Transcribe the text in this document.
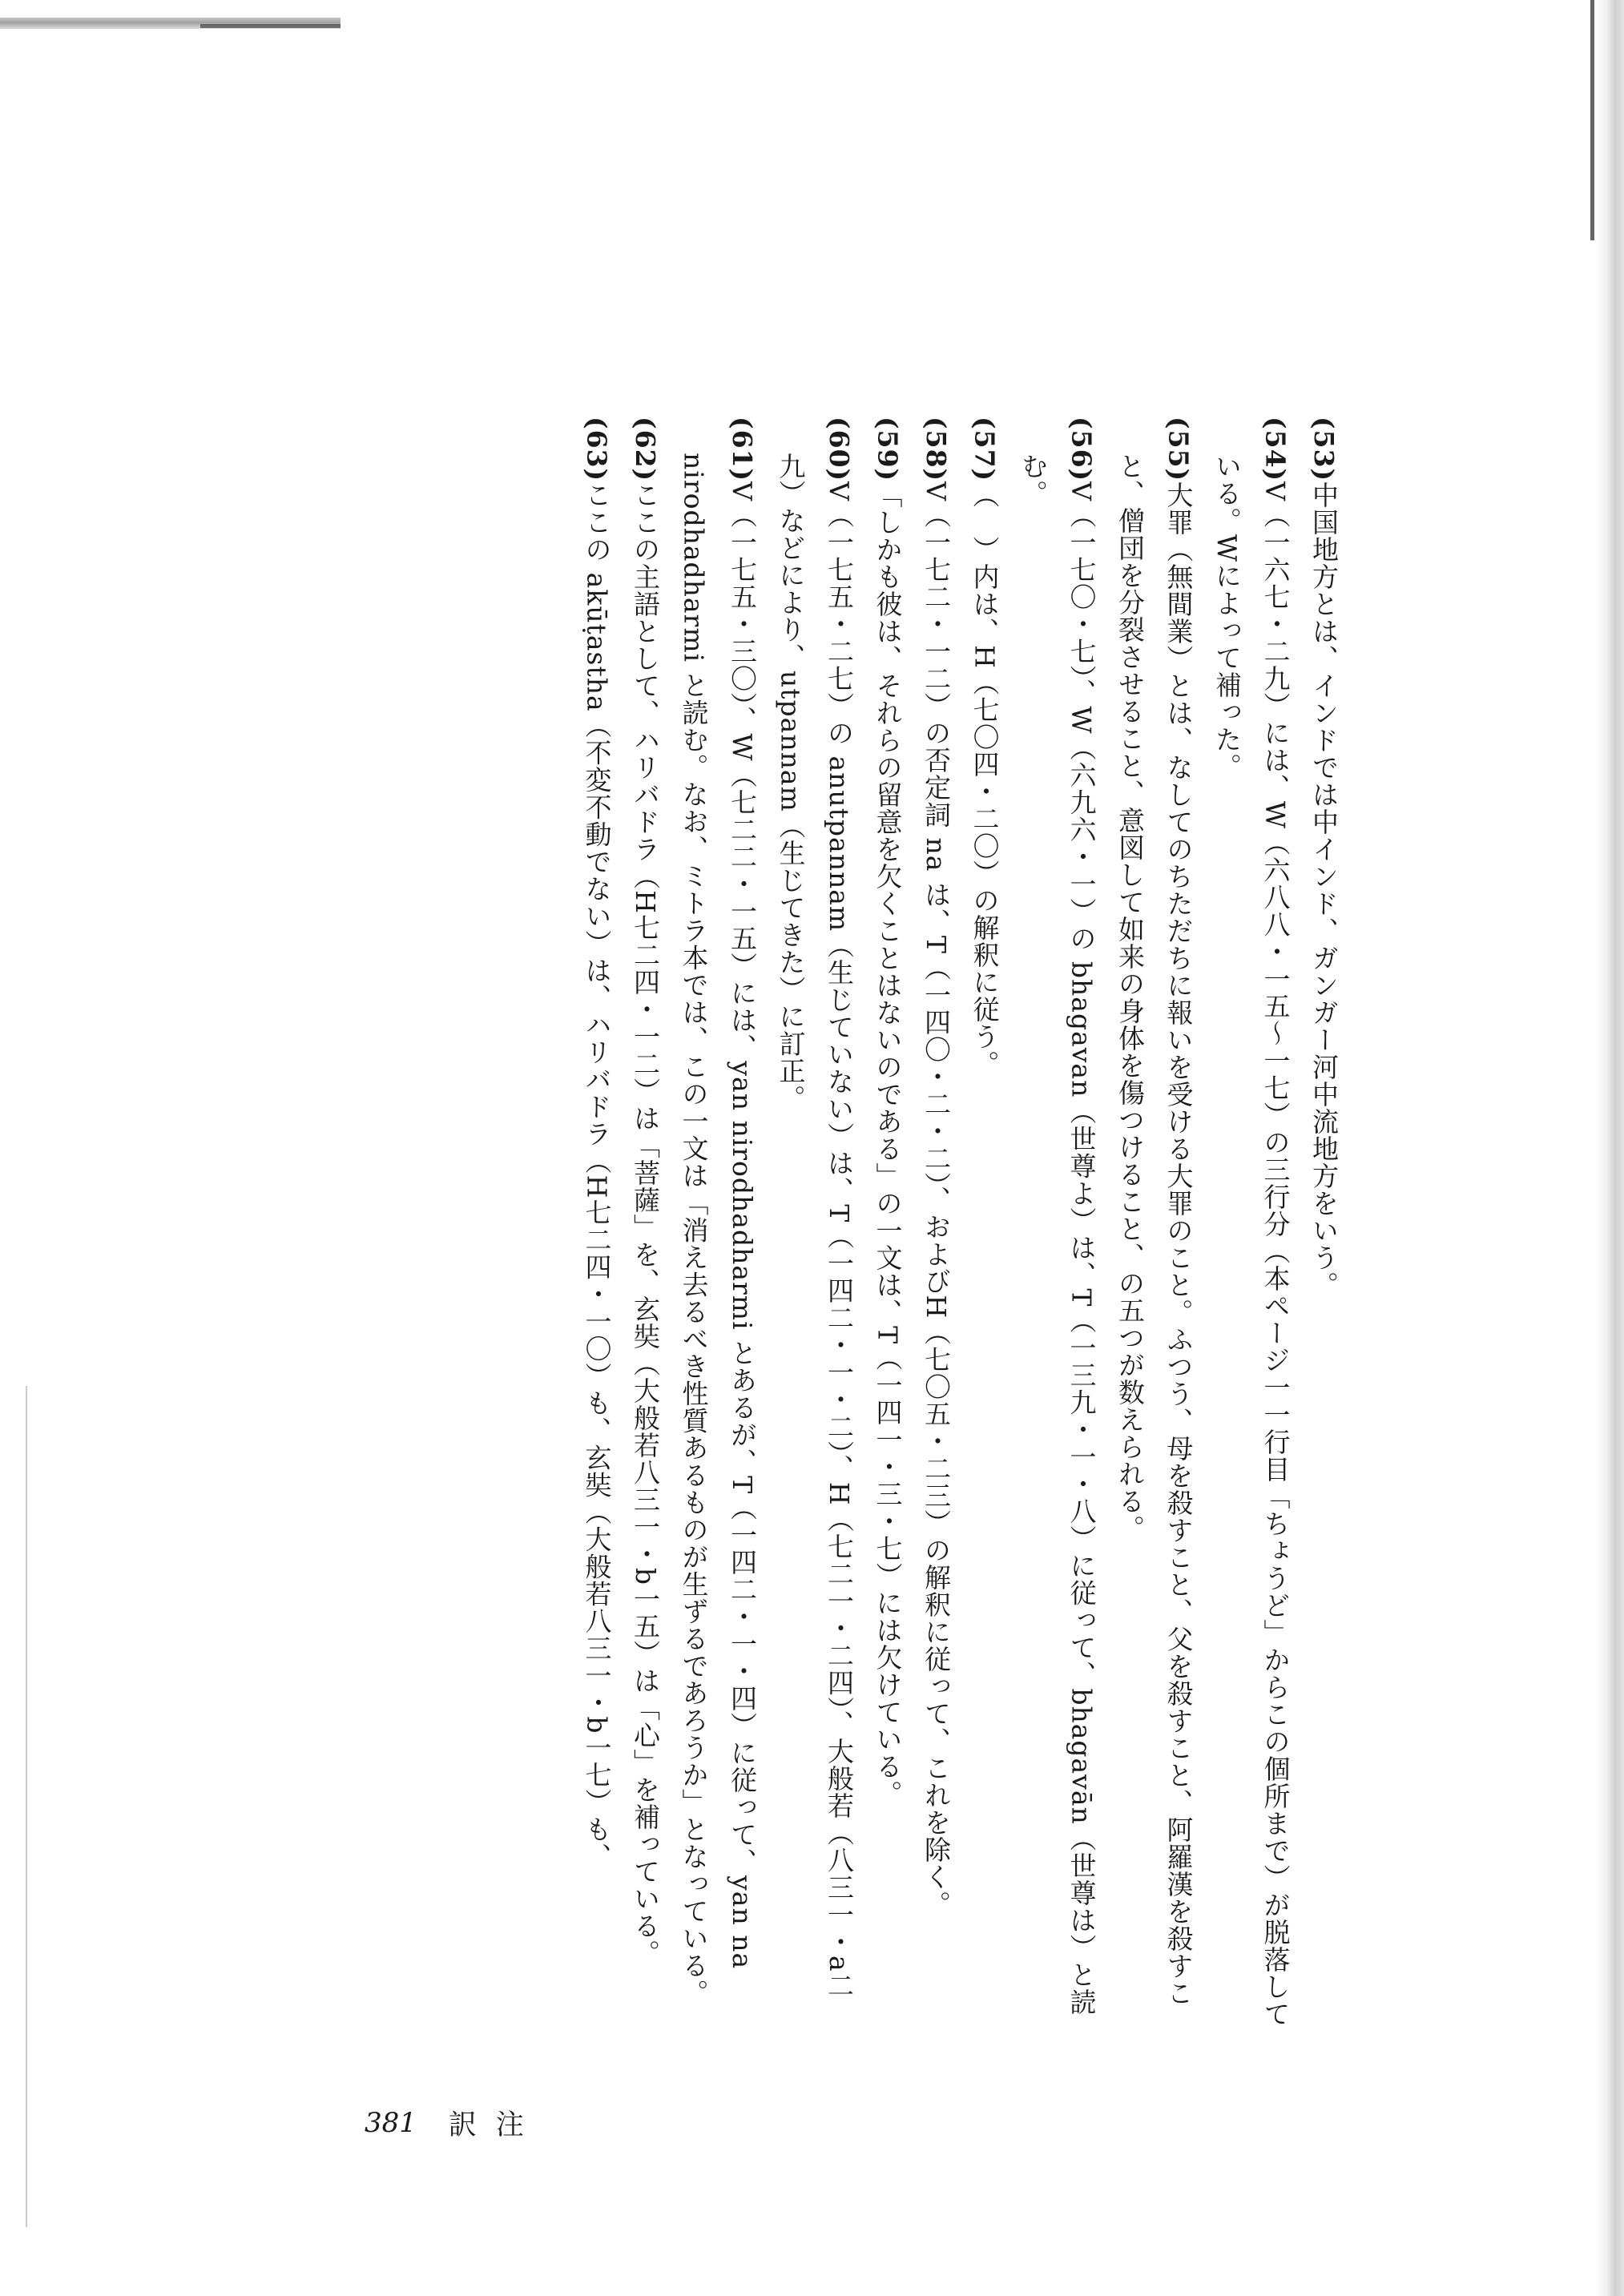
(53)中国地方とは、インドでは中インド、ガンガー河中流地方をいう。

(54)V（一六七・二九）には、W（六八八・一五〜一七）の三行分（本ページ一一行目「ちょうど」からこの個所まで）が脱落している。Wによって補った。

(55)大罪（無間業）とは、なしてのちただちに報いを受ける大罪のこと。ふつう、母を殺すこと、父を殺すこと、阿羅漢を殺すこと、僧団を分裂させること、意図して如来の身体を傷つけること、の五つが数えられる。

(56)V（一七〇・七）、W（六九六・一）の bhagavan（世尊よ）は、T（一三九・一・八）に従って、bhagavān（世尊は）と読む。

(57)（　）内は、H（七〇四・二〇）の解釈に従う。

(58)V（一七二・一二）の否定詞 na は、T（一四〇・二・二）、およびH（七〇五・二三）の解釈に従って、これを除く。

(59)「しかも彼は、それらの留意を欠くことはないのである」の一文は、T（一四一・三・七）には欠けている。

(60)V（一七五・二七）の anutpannam（生じていない）は、T（一四二・一・二）、H（七二一・二四）、大般若（八三一・a二九）などにより、utpannam（生じてきた）に訂正。

(61)V（一七五・三〇）、W（七二二・一五）には、yan nirodhadharmi とあるが、T（一四二・一・四）に従って、yan na nirodhadharmi と読む。なお、ミトラ本では、この一文は「消え去るべき性質あるものが生ずるであろうか」となっている。

(62)ここの主語として、ハリバドラ（H七二四・一二）は「菩薩」を、玄奘（大般若八三一・b一五）は「心」を補っている。

(63)ここの akūṭastha（不変不動でない）は、ハリバドラ（H七二四・一〇）も、玄奘（大般若八三一・b一七）も、

381 訳注
